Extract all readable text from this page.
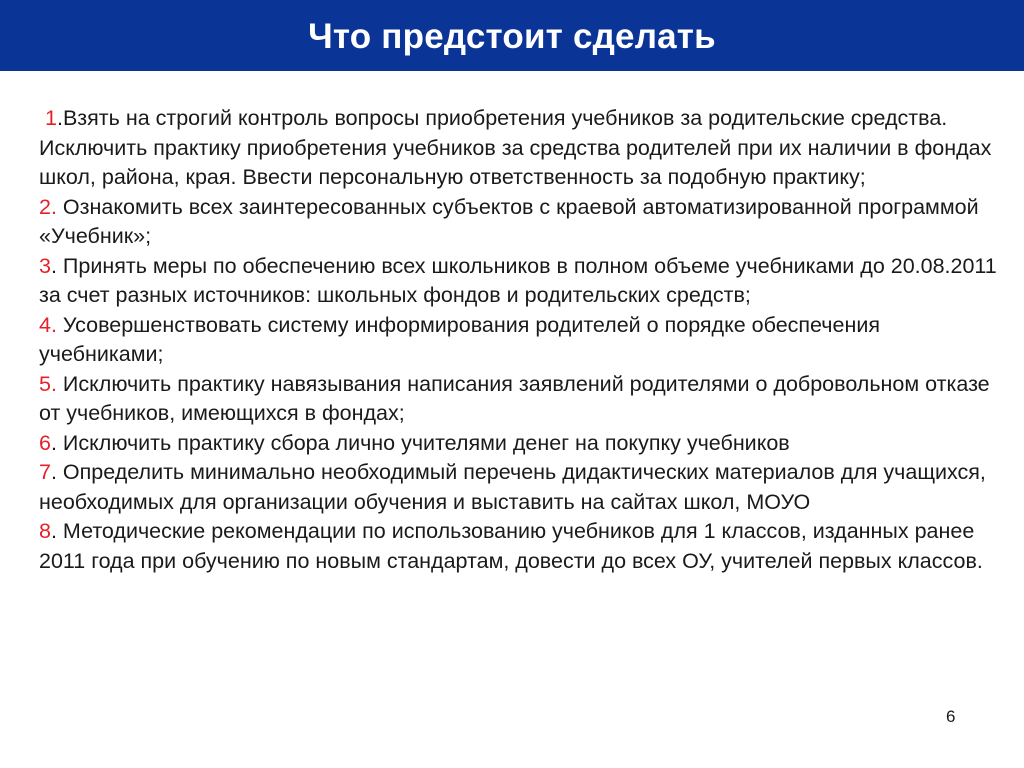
Что предстоит сделать
1.Взять на строгий контроль вопросы приобретения учебников за родительские средства. Исключить практику приобретения учебников за средства родителей при их наличии в фондах школ, района, края. Ввести персональную ответственность за подобную практику;
2. Ознакомить всех заинтересованных субъектов с краевой автоматизированной программой «Учебник»;
3. Принять меры по обеспечению всех школьников в полном объеме учебниками до 20.08.2011 за счет разных источников: школьных фондов и родительских средств;
4. Усовершенствовать систему информирования родителей о порядке обеспечения учебниками;
5. Исключить практику навязывания написания заявлений родителями о добровольном отказе от учебников, имеющихся в фондах;
6. Исключить практику сбора лично учителями денег на покупку учебников
7. Определить минимально необходимый перечень дидактических материалов для учащихся, необходимых для организации обучения и выставить на сайтах школ, МОУО
8. Методические рекомендации по использованию учебников для 1 классов, изданных ранее 2011 года при обучению по новым стандартам, довести до всех ОУ, учителей первых классов.
6
